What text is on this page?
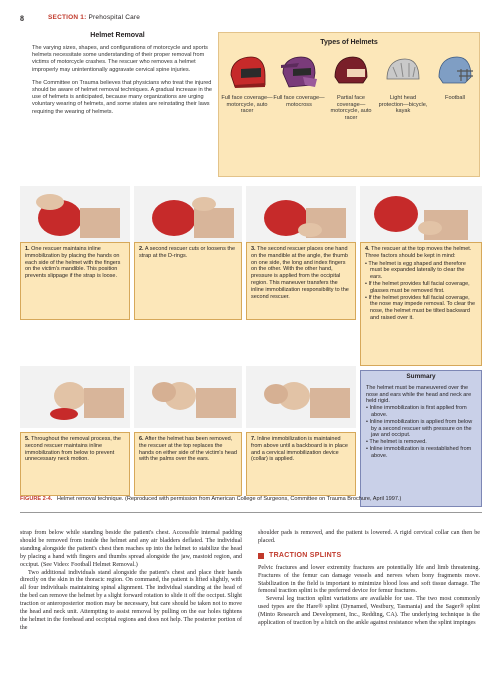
8	SECTION 1: Prehospital Care
Helmet Removal

The varying sizes, shapes, and configurations of motorcycle and sports helmets necessitate some understanding of their proper removal from victims of motorcycle crashes. The rescuer who removes a helmet improperly may unintentionally aggravate cervical spine injuries.

The Committee on Trauma believes that physicians who treat the injured should be aware of helmet removal techniques. A gradual increase in the use of helmets is anticipated, because many organizations are urging voluntary wearing of helmets, and some states are reinstating their laws requiring the wearing of helmets.

Types of Helmets
Full face coverage—motorcycle, auto racer
Full face coverage—motocross
Partial face coverage—motorcycle, auto racer
Light head protection—bicycle, kayak
Football
1. One rescuer maintains inline immobilization by placing the hands on each side of the helmet with the fingers on the victim's mandible. This position prevents slippage if the strap is loose.
2. A second rescuer cuts or loosens the strap at the D-rings.
3. The second rescuer places one hand on the mandible at the angle, the thumb on one side, the long and index fingers on the other. With the other hand, pressure is applied from the occipital region. This maneuver transfers the inline immobilization responsibility to the second rescuer.
4. The rescuer at the top moves the helmet. Three factors should be kept in mind:
• The helmet is egg shaped and therefore must be expanded laterally to clear the ears.
• If the helmet provides full facial coverage, glasses must be removed first.
• If the helmet provides full facial coverage, the nose may impede removal. To clear the nose, the helmet must be tilted backward and raised over it.
5. Throughout the removal process, the second rescuer maintains inline immobilization from below to prevent unnecessary neck motion.
6. After the helmet has been removed, the rescuer at the top replaces the hands on either side of the victim's head with the palms over the ears.
7. Inline immobilization is maintained from above until a backboard is in place and a cervical immobilization device (collar) is applied.
Summary
The helmet must be maneuvered over the nose and ears while the head and neck are held rigid.
• Inline immobilization is first applied from above.
• Inline immobilization is applied from below by a second rescuer with pressure on the jaw and occiput.
• The helmet is removed.
• Inline immobilization is reestablished from above.
FIGURE 2-4. Helmet removal technique. (Reproduced with permission from American College of Surgeons, Committee on Trauma Brochure, April 1997.)

strap from below while standing beside the patient's chest. Accessible internal padding should be removed from inside the helmet and any air bladders deflated. The individual standing alongside the patient's chest then reaches up into the helmet to stabilize the head by placing a hand with fingers and thumbs spread alongside the jaw, mastoid region, and occiput. (See Video: Football Helmet Removal.)

Two additional individuals stand alongside the patient's chest and place their hands directly on the skin in the thoracic region. On command, the patient is lifted slightly, with all four individuals maintaining spinal alignment. The individual standing at the head of the bed can remove the helmet by a slight forward rotation to slide it off the occiput. Slight traction or anteroposterior motion may be necessary, but care should be taken not to move the head and neck unit. Attempting to assist removal by pulling on the ear holes tightens the helmet in the forehead and occipital regions and does not help. The posterior portion of the

shoulder pads is removed, and the patient is lowered. A rigid cervical collar can then be placed.

TRACTION SPLINTS

Pelvic fractures and lower extremity fractures are potentially life and limb threatening. Fractures of the femur can damage vessels and nerves when bony fragments move. Stabilization in the field is important to minimize blood loss and soft tissue damage. The femoral traction splint is the preferred device for femur fractures.

Several leg traction splint variations are available for use. The two most commonly used types are the Hare® splint (Dynamed, Westbury, Tasmania) and the Sager® splint (Minto Research and Development, Inc., Redding, CA). The underlying technique is the application of traction by a hitch on the ankle against resistance when the splint impinges
